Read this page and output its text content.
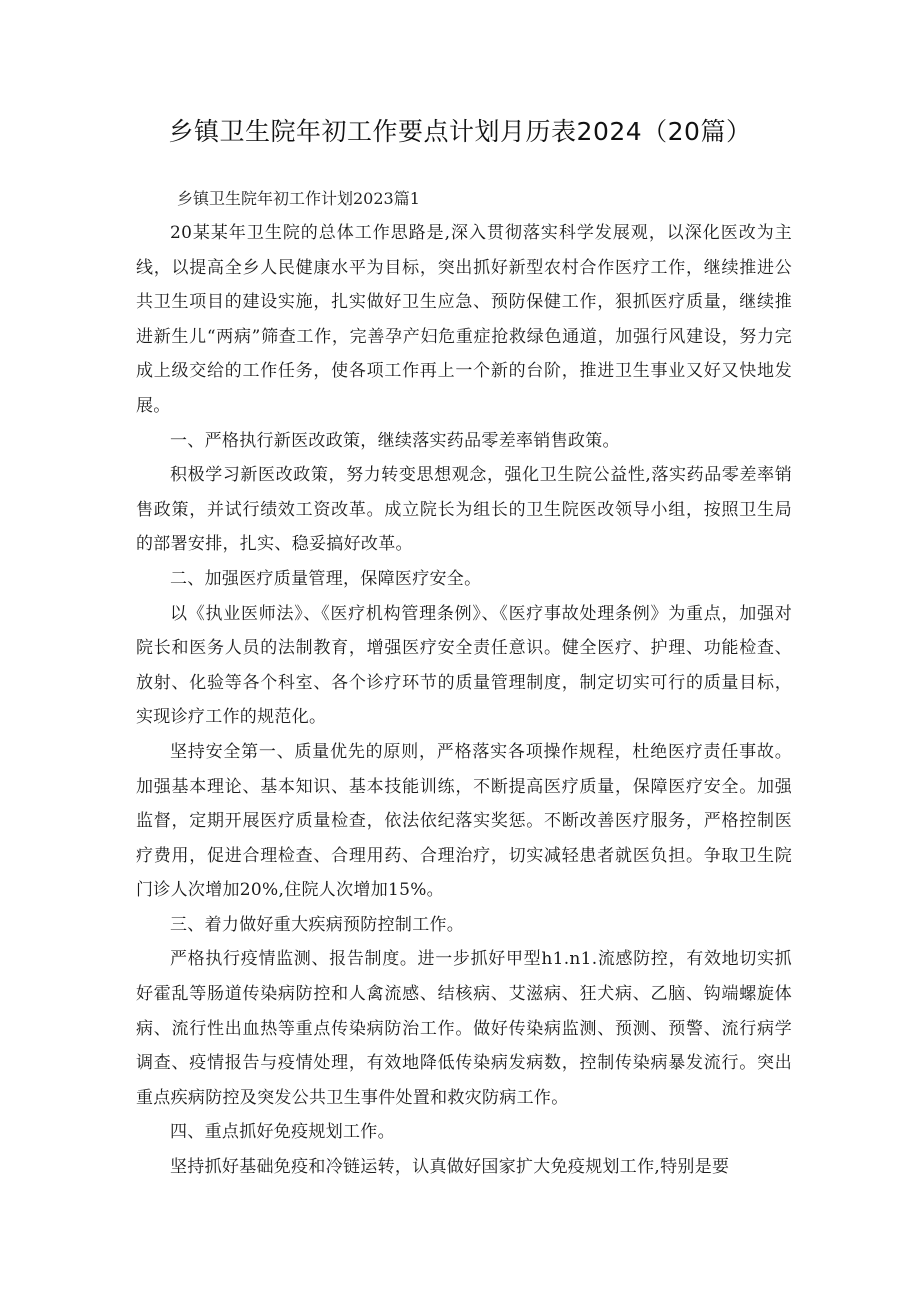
乡镇卫生院年初工作要点计划月历表2024（20篇）

乡镇卫生院年初工作计划2023篇1

20某某年卫生院的总体工作思路是,深入贯彻落实科学发展观，以深化医改为主线，以提高全乡人民健康水平为目标，突出抓好新型农村合作医疗工作，继续推进公共卫生项目的建设实施，扎实做好卫生应急、预防保健工作，狠抓医疗质量，继续推进新生儿“两病”筛查工作，完善孕产妇危重症抢救绿色通道，加强行风建设，努力完成上级交给的工作任务，使各项工作再上一个新的台阶，推进卫生事业又好又快地发展。

一、严格执行新医改政策，继续落实药品零差率销售政策。

积极学习新医改政策，努力转变思想观念，强化卫生院公益性,落实药品零差率销售政策，并试行绩效工资改革。成立院长为组长的卫生院医改领导小组，按照卫生局的部署安排，扎实、稳妥搞好改革。

二、加强医疗质量管理，保障医疗安全。

以《执业医师法》、《医疗机构管理条例》、《医疗事故处理条例》为重点，加强对院长和医务人员的法制教育，增强医疗安全责任意识。健全医疗、护理、功能检查、放射、化验等各个科室、各个诊疗环节的质量管理制度，制定切实可行的质量目标，实现诊疗工作的规范化。

坚持安全第一、质量优先的原则，严格落实各项操作规程，杜绝医疗责任事故。加强基本理论、基本知识、基本技能训练，不断提高医疗质量，保障医疗安全。加强监督，定期开展医疗质量检查，依法依纪落实奖惩。不断改善医疗服务，严格控制医疗费用，促进合理检查、合理用药、合理治疗，切实减轻患者就医负担。争取卫生院门诊人次增加20%,住院人次增加15%。

三、着力做好重大疾病预防控制工作。

严格执行疫情监测、报告制度。进一步抓好甲型h1.n1.流感防控，有效地切实抓好霍乱等肠道传染病防控和人禽流感、结核病、艾滋病、狂犬病、乙脑、钩端螺旋体病、流行性出血热等重点传染病防治工作。做好传染病监测、预测、预警、流行病学调查、疫情报告与疫情处理，有效地降低传染病发病数，控制传染病暴发流行。突出重点疾病防控及突发公共卫生事件处置和救灾防病工作。

四、重点抓好免疫规划工作。

坚持抓好基础免疫和冷链运转，认真做好国家扩大免疫规划工作,特别是要
